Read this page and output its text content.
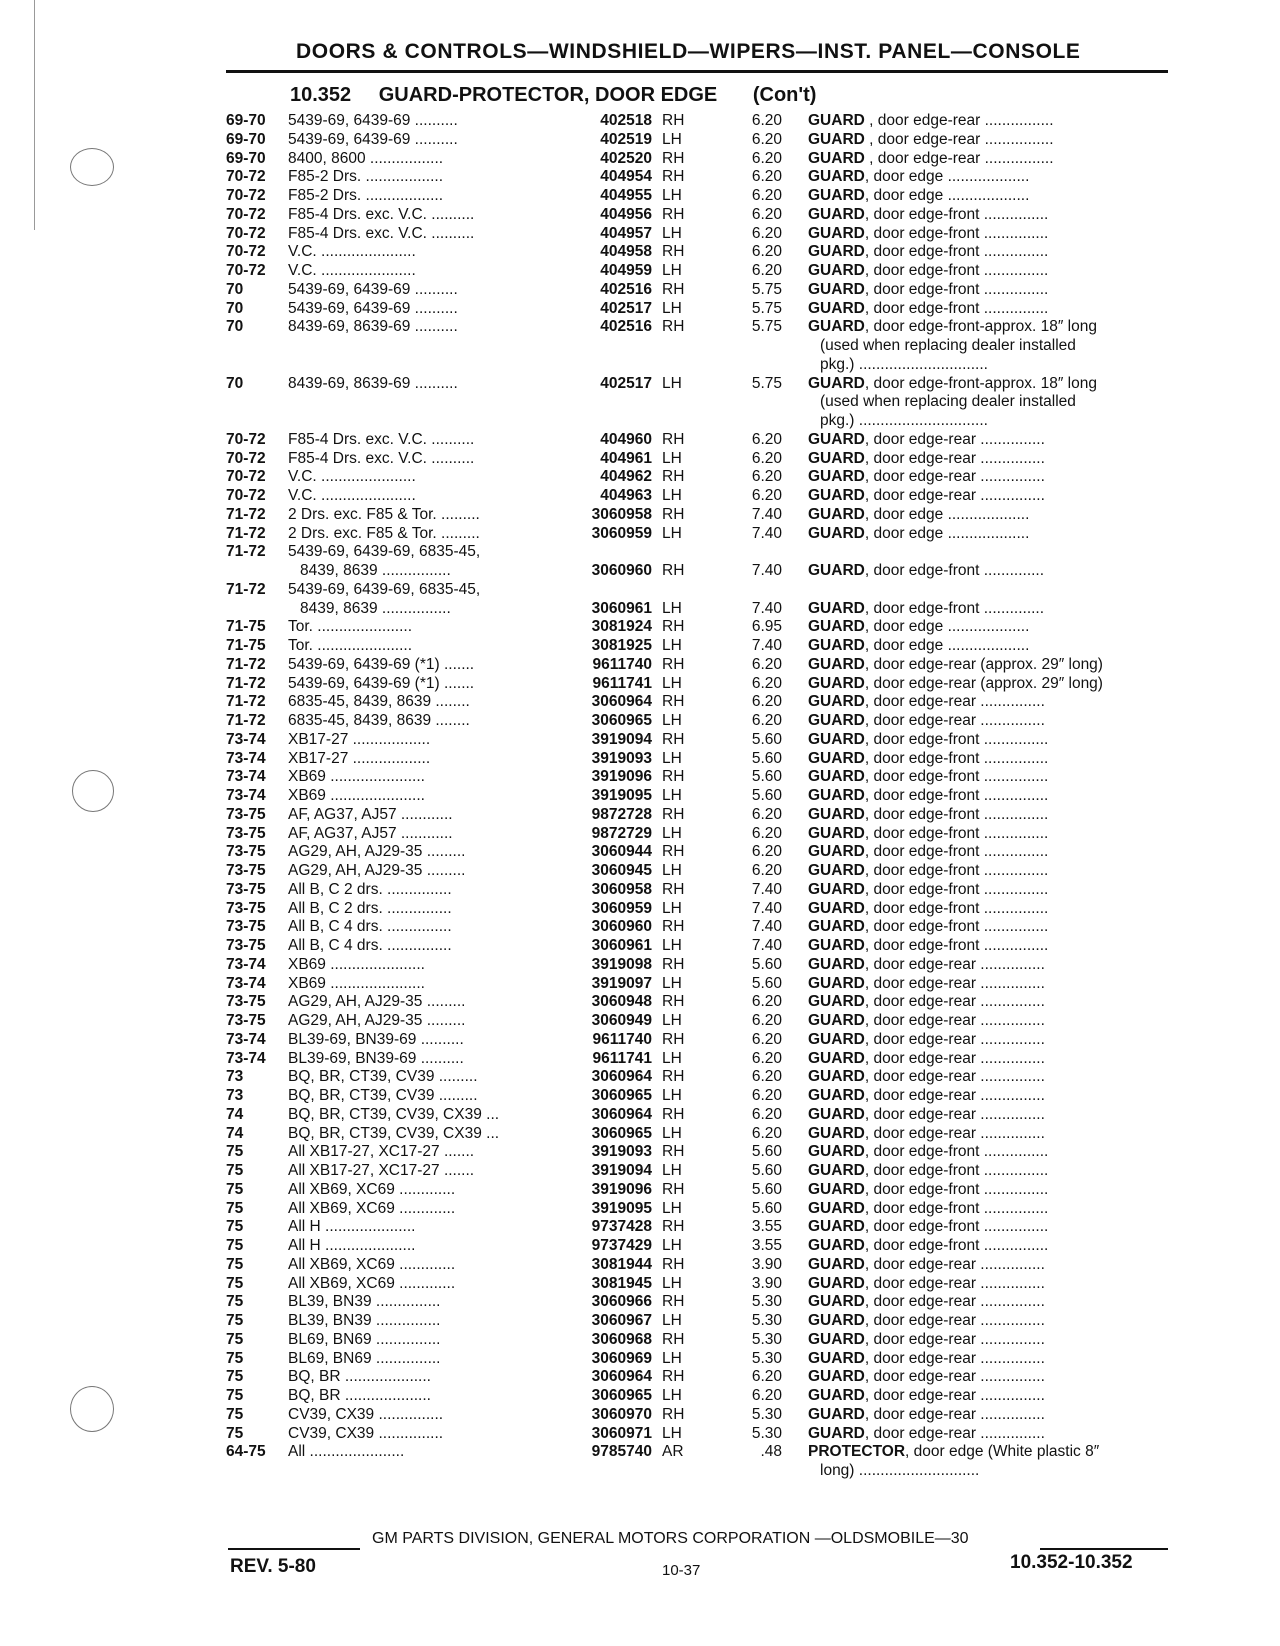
DOORS & CONTROLS—WINDSHIELD—WIPERS—INST. PANEL—CONSOLE
10.352 GUARD-PROTECTOR, DOOR EDGE (Con't)
69-70	5439-69, 6439-69 ..........	402518 RH	6.20 GUARD , door edge-rear ................
69-70	5439-69, 6439-69 ..........	402519 LH	6.20 GUARD , door edge-rear ................
69-70	8400, 8600 .................	402520 RH	6.20 GUARD , door edge-rear ................
70-72	F85-2 Drs. ..................	404954 RH	6.20 GUARD, door edge ...................
70-72	F85-2 Drs. ..................	404955 LH	6.20 GUARD, door edge ...................
70-72	F85-4 Drs. exc. V.C. ..........	404956 RH	6.20 GUARD, door edge-front ...............
70-72	F85-4 Drs. exc. V.C. ..........	404957 LH	6.20 GUARD, door edge-front ...............
70-72	V.C. ......................	404958 RH	6.20 GUARD, door edge-front ...............
70-72	V.C. ......................	404959 LH	6.20 GUARD, door edge-front ...............
70	5439-69, 6439-69 ..........	402516 RH	5.75 GUARD, door edge-front ...............
70	5439-69, 6439-69 ..........	402517 LH	5.75 GUARD, door edge-front ...............
70	8439-69, 8639-69 ..........	402516 RH	5.75 GUARD, door edge-front-approx. 18″ long
(used when replacing dealer installed
pkg.) ..............................
70	8439-69, 8639-69 ..........	402517 LH	5.75 GUARD, door edge-front-approx. 18″ long
(used when replacing dealer installed
pkg.) ..............................
70-72	F85-4 Drs. exc. V.C. ..........	404960 RH	6.20 GUARD, door edge-rear ...............
70-72	F85-4 Drs. exc. V.C. ..........	404961 LH	6.20 GUARD, door edge-rear ...............
70-72	V.C. ......................	404962 RH	6.20 GUARD, door edge-rear ...............
70-72	V.C. ......................	404963 LH	6.20 GUARD, door edge-rear ...............
71-72	2 Drs. exc. F85 & Tor. .........	3060958 RH	7.40 GUARD, door edge ...................
71-72	2 Drs. exc. F85 & Tor. .........	3060959 LH	7.40 GUARD, door edge ...................
71-72	5439-69, 6439-69, 6835-45,
8439, 8639 ................	3060960 RH	7.40 GUARD, door edge-front ..............
71-72	5439-69, 6439-69, 6835-45,
8439, 8639 ................	3060961 LH	7.40 GUARD, door edge-front ..............
71-75	Tor. ......................	3081924 RH	6.95 GUARD, door edge ...................
71-75	Tor. ......................	3081925 LH	7.40 GUARD, door edge ...................
71-72	5439-69, 6439-69 (*1) .......	9611740 RH	6.20 GUARD, door edge-rear (approx. 29″ long)
71-72	5439-69, 6439-69 (*1) .......	9611741 LH	6.20 GUARD, door edge-rear (approx. 29″ long)
71-72	6835-45, 8439, 8639 ........	3060964 RH	6.20 GUARD, door edge-rear ...............
71-72	6835-45, 8439, 8639 ........	3060965 LH	6.20 GUARD, door edge-rear ...............
73-74	XB17-27 ..................	3919094 RH	5.60 GUARD, door edge-front ...............
73-74	XB17-27 ..................	3919093 LH	5.60 GUARD, door edge-front ...............
73-74	XB69 ......................	3919096 RH	5.60 GUARD, door edge-front ...............
73-74	XB69 ......................	3919095 LH	5.60 GUARD, door edge-front ...............
73-75	AF, AG37, AJ57 ............	9872728 RH	6.20 GUARD, door edge-front ...............
73-75	AF, AG37, AJ57 ............	9872729 LH	6.20 GUARD, door edge-front ...............
73-75	AG29, AH, AJ29-35 .........	3060944 RH	6.20 GUARD, door edge-front ...............
73-75	AG29, AH, AJ29-35 .........	3060945 LH	6.20 GUARD, door edge-front ...............
73-75	All B, C 2 drs. ...............	3060958 RH	7.40 GUARD, door edge-front ...............
73-75	All B, C 2 drs. ...............	3060959 LH	7.40 GUARD, door edge-front ...............
73-75	All B, C 4 drs. ...............	3060960 RH	7.40 GUARD, door edge-front ...............
73-75	All B, C 4 drs. ...............	3060961 LH	7.40 GUARD, door edge-front ...............
73-74	XB69 ......................	3919098 RH	5.60 GUARD, door edge-rear ...............
73-74	XB69 ......................	3919097 LH	5.60 GUARD, door edge-rear ...............
73-75	AG29, AH, AJ29-35 .........	3060948 RH	6.20 GUARD, door edge-rear ...............
73-75	AG29, AH, AJ29-35 .........	3060949 LH	6.20 GUARD, door edge-rear ...............
73-74	BL39-69, BN39-69 ..........	9611740 RH	6.20 GUARD, door edge-rear ...............
73-74	BL39-69, BN39-69 ..........	9611741 LH	6.20 GUARD, door edge-rear ...............
73	BQ, BR, CT39, CV39 .........	3060964 RH	6.20 GUARD, door edge-rear ...............
73	BQ, BR, CT39, CV39 .........	3060965 LH	6.20 GUARD, door edge-rear ...............
74	BQ, BR, CT39, CV39, CX39 ...	3060964 RH	6.20 GUARD, door edge-rear ...............
74	BQ, BR, CT39, CV39, CX39 ...	3060965 LH	6.20 GUARD, door edge-rear ...............
75	All XB17-27, XC17-27 .......	3919093 RH	5.60 GUARD, door edge-front ...............
75	All XB17-27, XC17-27 .......	3919094 LH	5.60 GUARD, door edge-front ...............
75	All XB69, XC69 .............	3919096 RH	5.60 GUARD, door edge-front ...............
75	All XB69, XC69 .............	3919095 LH	5.60 GUARD, door edge-front ...............
75	All H .....................	9737428 RH	3.55 GUARD, door edge-front ...............
75	All H .....................	9737429 LH	3.55 GUARD, door edge-front ...............
75	All XB69, XC69 .............	3081944 RH	3.90 GUARD, door edge-rear ...............
75	All XB69, XC69 .............	3081945 LH	3.90 GUARD, door edge-rear ...............
75	BL39, BN39 ...............	3060966 RH	5.30 GUARD, door edge-rear ...............
75	BL39, BN39 ...............	3060967 LH	5.30 GUARD, door edge-rear ...............
75	BL69, BN69 ...............	3060968 RH	5.30 GUARD, door edge-rear ...............
75	BL69, BN69 ...............	3060969 LH	5.30 GUARD, door edge-rear ...............
75	BQ, BR ....................	3060964 RH	6.20 GUARD, door edge-rear ...............
75	BQ, BR ....................	3060965 LH	6.20 GUARD, door edge-rear ...............
75	CV39, CX39 ...............	3060970 RH	5.30 GUARD, door edge-rear ...............
75	CV39, CX39 ...............	3060971 LH	5.30 GUARD, door edge-rear ...............
64-75	All ......................	9785740 AR	.48 PROTECTOR, door edge (White plastic 8″
long) ............................
GM PARTS DIVISION, GENERAL MOTORS CORPORATION —OLDSMOBILE—30
REV. 5-80	10-37	10.352-10.352
